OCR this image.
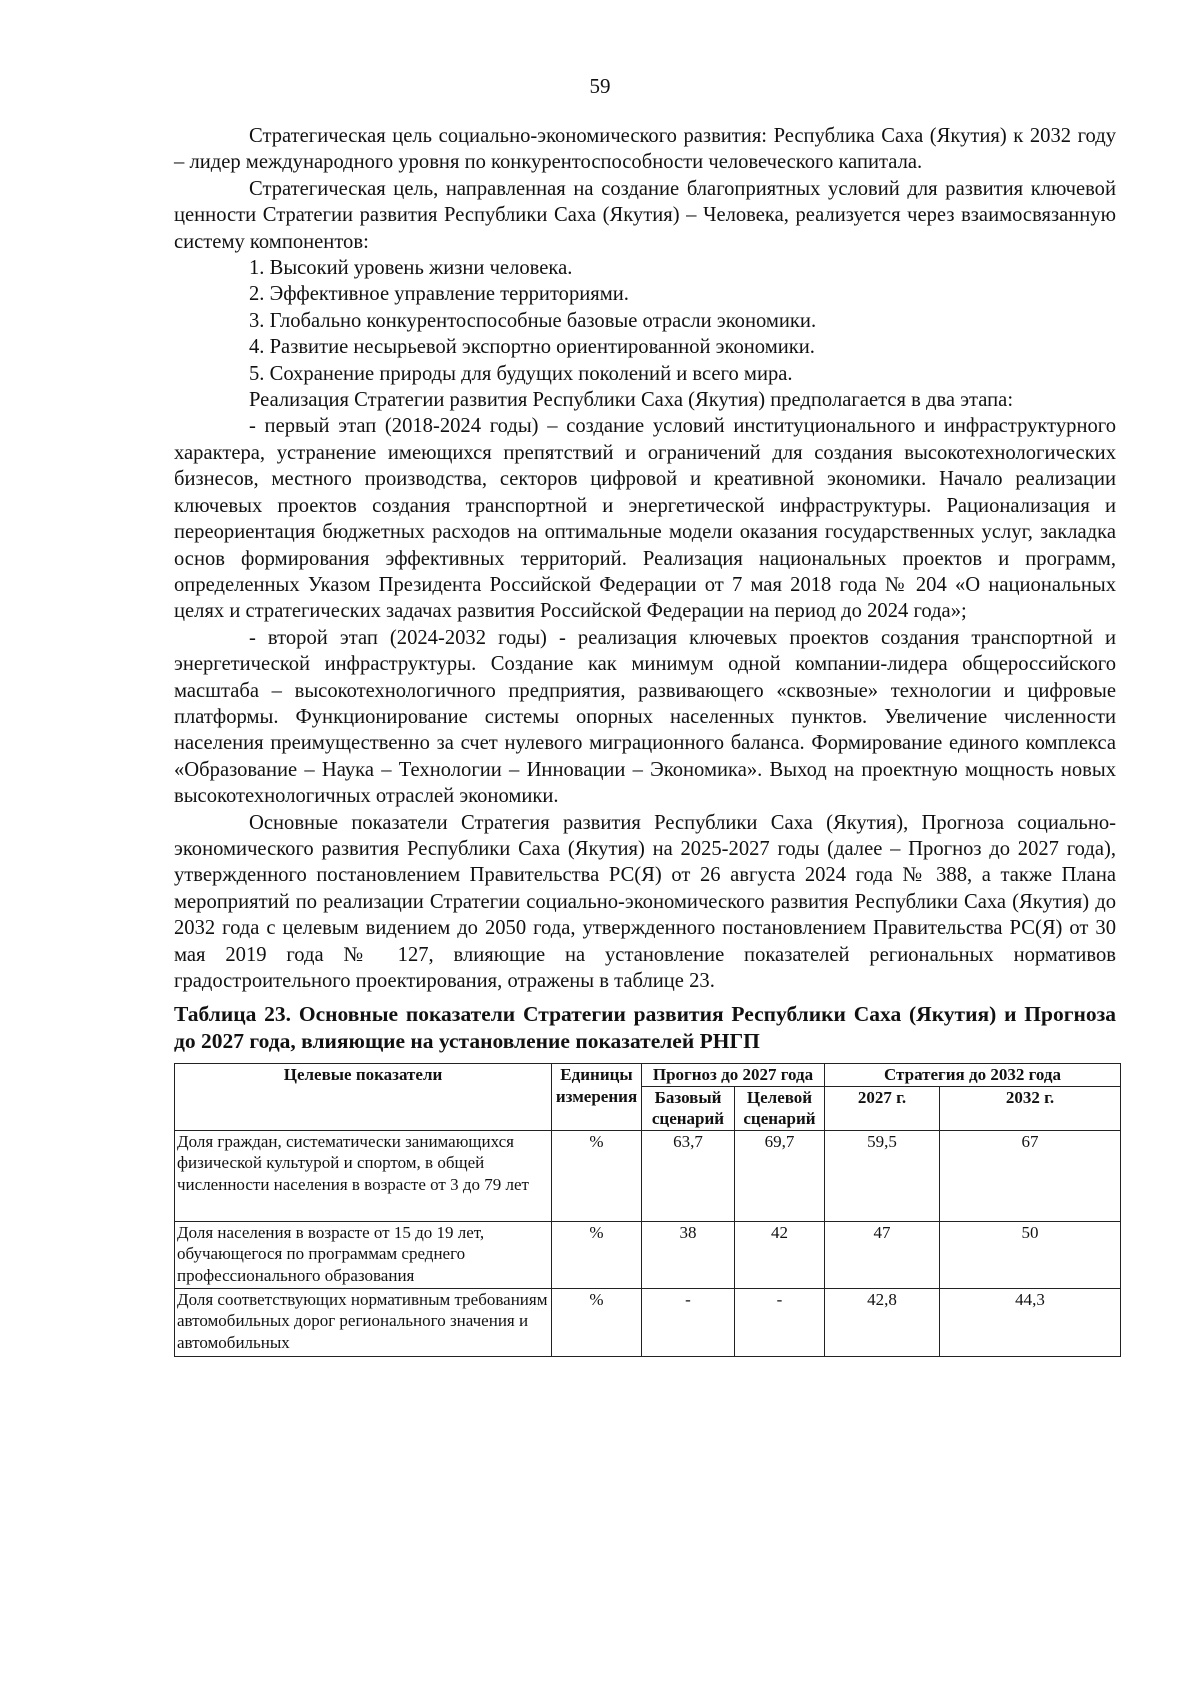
59

Стратегическая цель социально-экономического развития: Республика Саха (Якутия) к 2032 году – лидер международного уровня по конкурентоспособности человеческого капитала.

Стратегическая цель, направленная на создание благоприятных условий для развития ключевой ценности Стратегии развития Республики Саха (Якутия) – Человека, реализуется через взаимосвязанную систему компонентов:

1. Высокий уровень жизни человека.

2. Эффективное управление территориями.

3. Глобально конкурентоспособные базовые отрасли экономики.

4. Развитие несырьевой экспортно ориентированной экономики.

5. Сохранение природы для будущих поколений и всего мира.

Реализация Стратегии развития Республики Саха (Якутия) предполагается в два этапа:

- первый этап (2018-2024 годы) – создание условий институционального и инфраструктурного характера, устранение имеющихся препятствий и ограничений для создания высокотехнологических бизнесов, местного производства, секторов цифровой и креативной экономики. Начало реализации ключевых проектов создания транспортной и энергетической инфраструктуры. Рационализация и переориентация бюджетных расходов на оптимальные модели оказания государственных услуг, закладка основ формирования эффективных территорий. Реализация национальных проектов и программ, определенных Указом Президента Российской Федерации от 7 мая 2018 года № 204 «О национальных целях и стратегических задачах развития Российской Федерации на период до 2024 года»;

- второй этап (2024-2032 годы) - реализация ключевых проектов создания транспортной и энергетической инфраструктуры. Создание как минимум одной компании-лидера общероссийского масштаба – высокотехнологичного предприятия, развивающего «сквозные» технологии и цифровые платформы. Функционирование системы опорных населенных пунктов. Увеличение численности населения преимущественно за счет нулевого миграционного баланса. Формирование единого комплекса «Образование – Наука – Технологии – Инновации – Экономика». Выход на проектную мощность новых высокотехнологичных отраслей экономики.

Основные показатели Стратегия развития Республики Саха (Якутия), Прогноза социально-экономического развития Республики Саха (Якутия) на 2025-2027 годы (далее – Прогноз до 2027 года), утвержденного постановлением Правительства РС(Я) от 26 августа 2024 года № 388, а также Плана мероприятий по реализации Стратегии социально-экономического развития Республики Саха (Якутия) до 2032 года с целевым видением до 2050 года, утвержденного постановлением Правительства РС(Я) от 30 мая 2019 года № 127, влияющие на установление показателей региональных нормативов градостроительного проектирования, отражены в таблице 23.

Таблица 23. Основные показатели Стратегии развития Республики Саха (Якутия) и Прогноза до 2027 года, влияющие на установление показателей РНГП
Целевые показатели	Единицы измерения	Прогноз до 2027 года		Стратегия до 2032 года	
		Базовый сценарий	Целевой сценарий	2027 г.	2032 г.
Доля граждан, систематически занимающихся физической культурой и спортом, в общей численности населения в возрасте от 3 до 79 лет	%	63,7	69,7	59,5	67
Доля населения в возрасте от 15 до 19 лет, обучающегося по программам среднего профессионального образования	%	38	42	47	50
Доля соответствующих нормативным требованиям автомобильных дорог регионального значения и автомобильных	%	-	-	42,8	44,3
